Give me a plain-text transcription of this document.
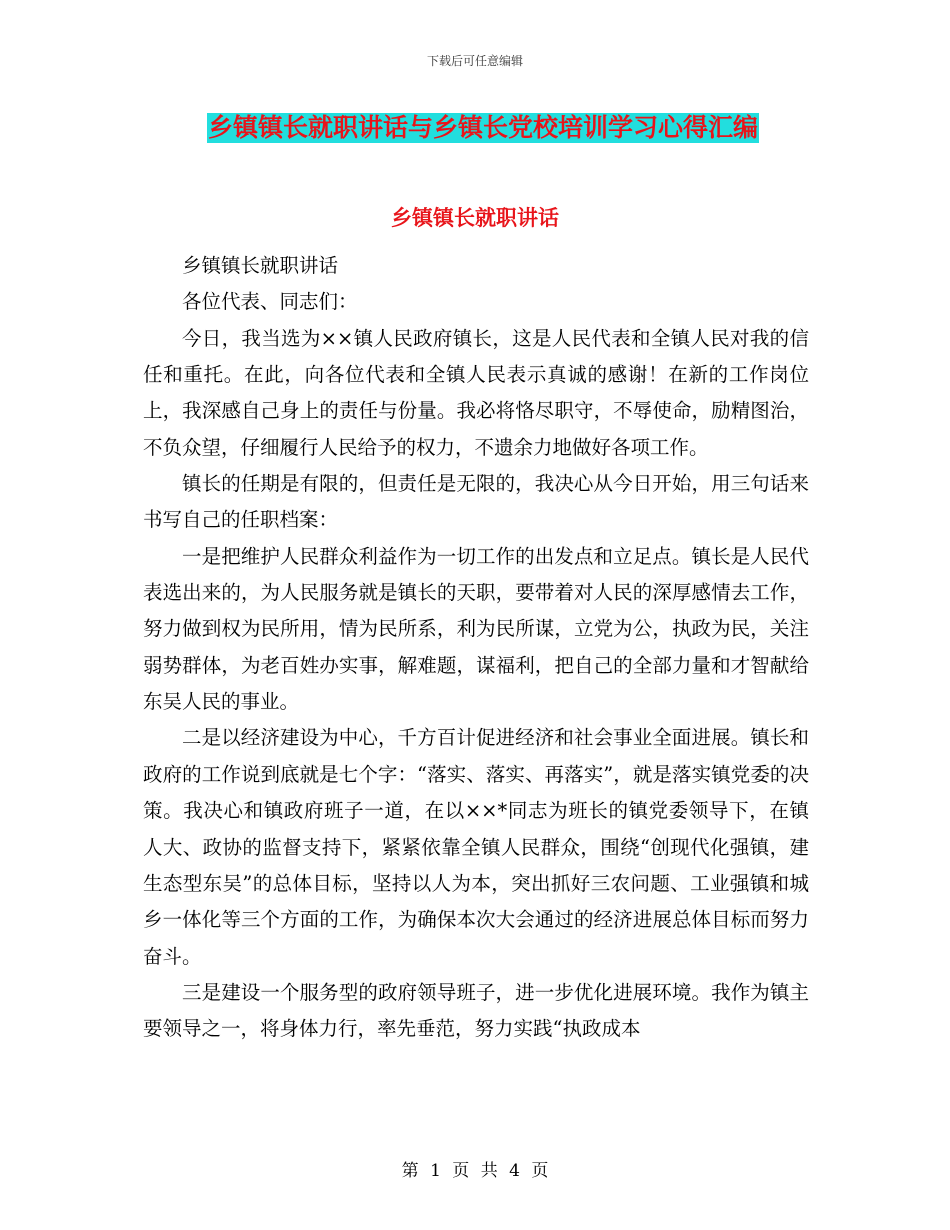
下载后可任意编辑
乡镇镇长就职讲话与乡镇长党校培训学习心得汇编
乡镇镇长就职讲话

乡镇镇长就职讲话

各位代表、同志们：

今日，我当选为××镇人民政府镇长，这是人民代表和全镇人民对我的信任和重托。在此，向各位代表和全镇人民表示真诚的感谢！在新的工作岗位上，我深感自己身上的责任与份量。我必将恪尽职守，不辱使命，励精图治，不负众望，仔细履行人民给予的权力，不遗余力地做好各项工作。

镇长的任期是有限的，但责任是无限的，我决心从今日开始，用三句话来书写自己的任职档案：

一是把维护人民群众利益作为一切工作的出发点和立足点。镇长是人民代表选出来的，为人民服务就是镇长的天职，要带着对人民的深厚感情去工作，努力做到权为民所用，情为民所系，利为民所谋，立党为公，执政为民，关注弱势群体，为老百姓办实事，解难题，谋福利，把自己的全部力量和才智献给东吴人民的事业。

二是以经济建设为中心，千方百计促进经济和社会事业全面进展。镇长和政府的工作说到底就是七个字：“落实、落实、再落实”，就是落实镇党委的决策。我决心和镇政府班子一道，在以××*同志为班长的镇党委领导下，在镇人大、政协的监督支持下，紧紧依靠全镇人民群众，围绕“创现代化强镇，建生态型东吴”的总体目标，坚持以人为本，突出抓好三农问题、工业强镇和城乡一体化等三个方面的工作，为确保本次大会通过的经济进展总体目标而努力奋斗。

三是建设一个服务型的政府领导班子，进一步优化进展环境。我作为镇主要领导之一，将身体力行，率先垂范，努力实践“执政成本

第 1 页 共 4 页
